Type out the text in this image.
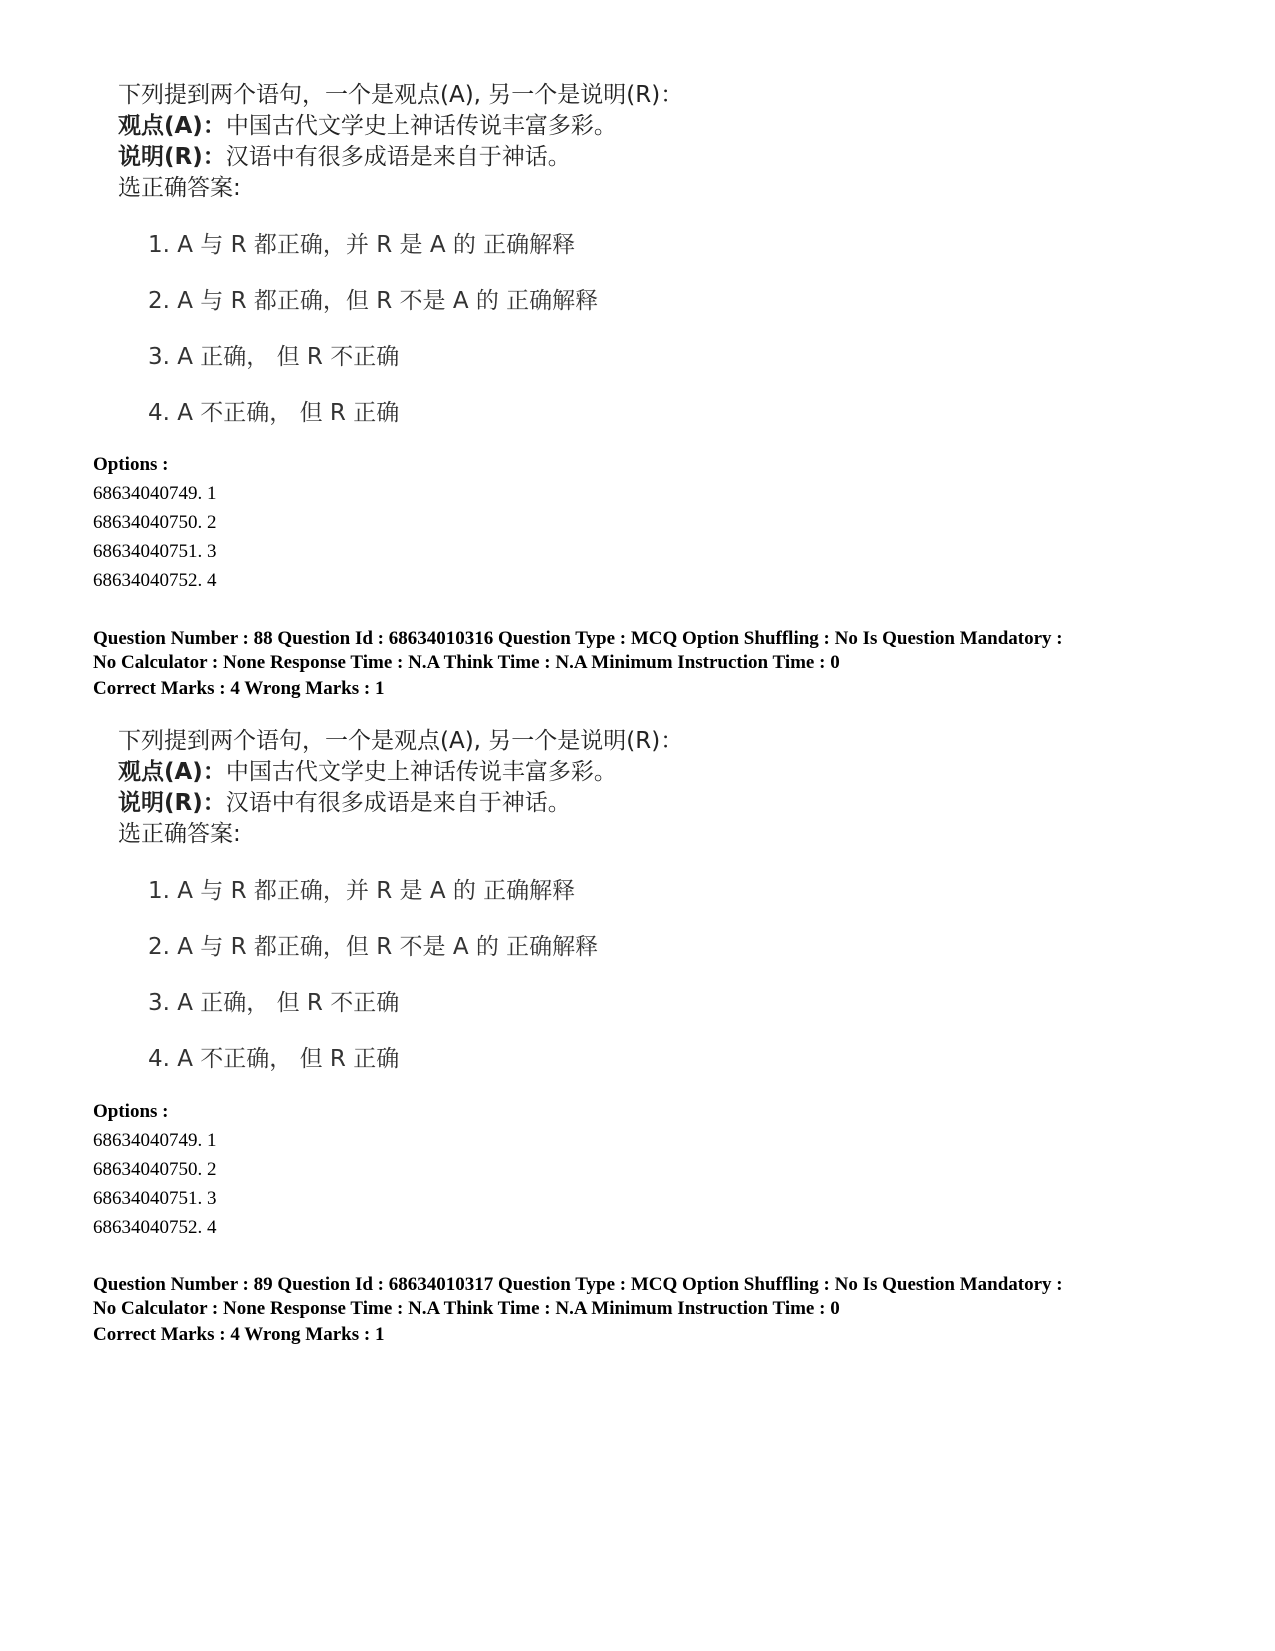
下列提到两个语句，一个是观点(A), 另一个是说明(R)：
观点(A)：中国古代文学史上神话传说丰富多彩。
说明(R)：汉语中有很多成语是来自于神话。
选正确答案:
1. A 与 R 都正确，并 R 是 A 的 正确解释
2. A 与 R 都正确，但 R 不是 A 的 正确解释
3. A 正确， 但 R 不正确
4. A 不正确， 但 R 正确
Options :
68634040749. 1
68634040750. 2
68634040751. 3
68634040752. 4
Question Number : 88 Question Id : 68634010316 Question Type : MCQ Option Shuffling : No Is Question Mandatory :
No Calculator : None Response Time : N.A Think Time : N.A Minimum Instruction Time : 0
Correct Marks : 4 Wrong Marks : 1
下列提到两个语句，一个是观点(A), 另一个是说明(R)：
观点(A)：中国古代文学史上神话传说丰富多彩。
说明(R)：汉语中有很多成语是来自于神话。
选正确答案:
1. A 与 R 都正确，并 R 是 A 的 正确解释
2. A 与 R 都正确，但 R 不是 A 的 正确解释
3. A 正确， 但 R 不正确
4. A 不正确， 但 R 正确
Options :
68634040749. 1
68634040750. 2
68634040751. 3
68634040752. 4
Question Number : 89 Question Id : 68634010317 Question Type : MCQ Option Shuffling : No Is Question Mandatory :
No Calculator : None Response Time : N.A Think Time : N.A Minimum Instruction Time : 0
Correct Marks : 4 Wrong Marks : 1
